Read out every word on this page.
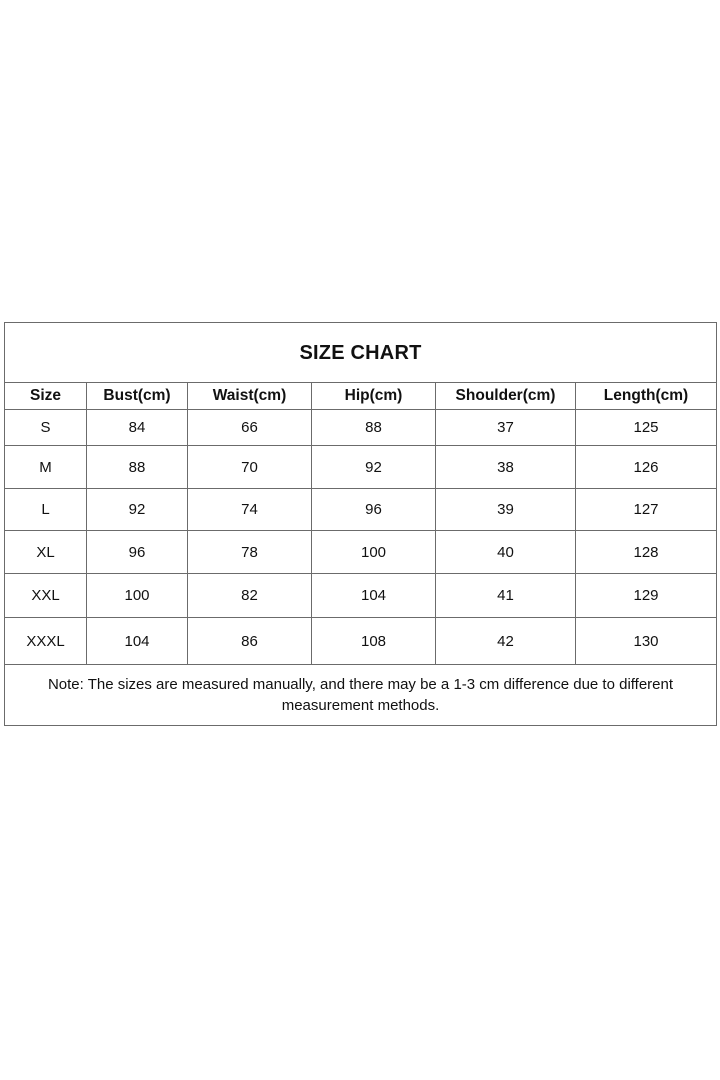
SIZE CHART					
Size	Bust(cm)	Waist(cm)	Hip(cm)	Shoulder(cm)	Length(cm)
S	84	66	88	37	125
M	88	70	92	38	126
L	92	74	96	39	127
XL	96	78	100	40	128
XXL	100	82	104	41	129
XXXL	104	86	108	42	130
Note: The sizes are measured manually, and there may be a 1-3 cm difference due to different measurement methods.					
